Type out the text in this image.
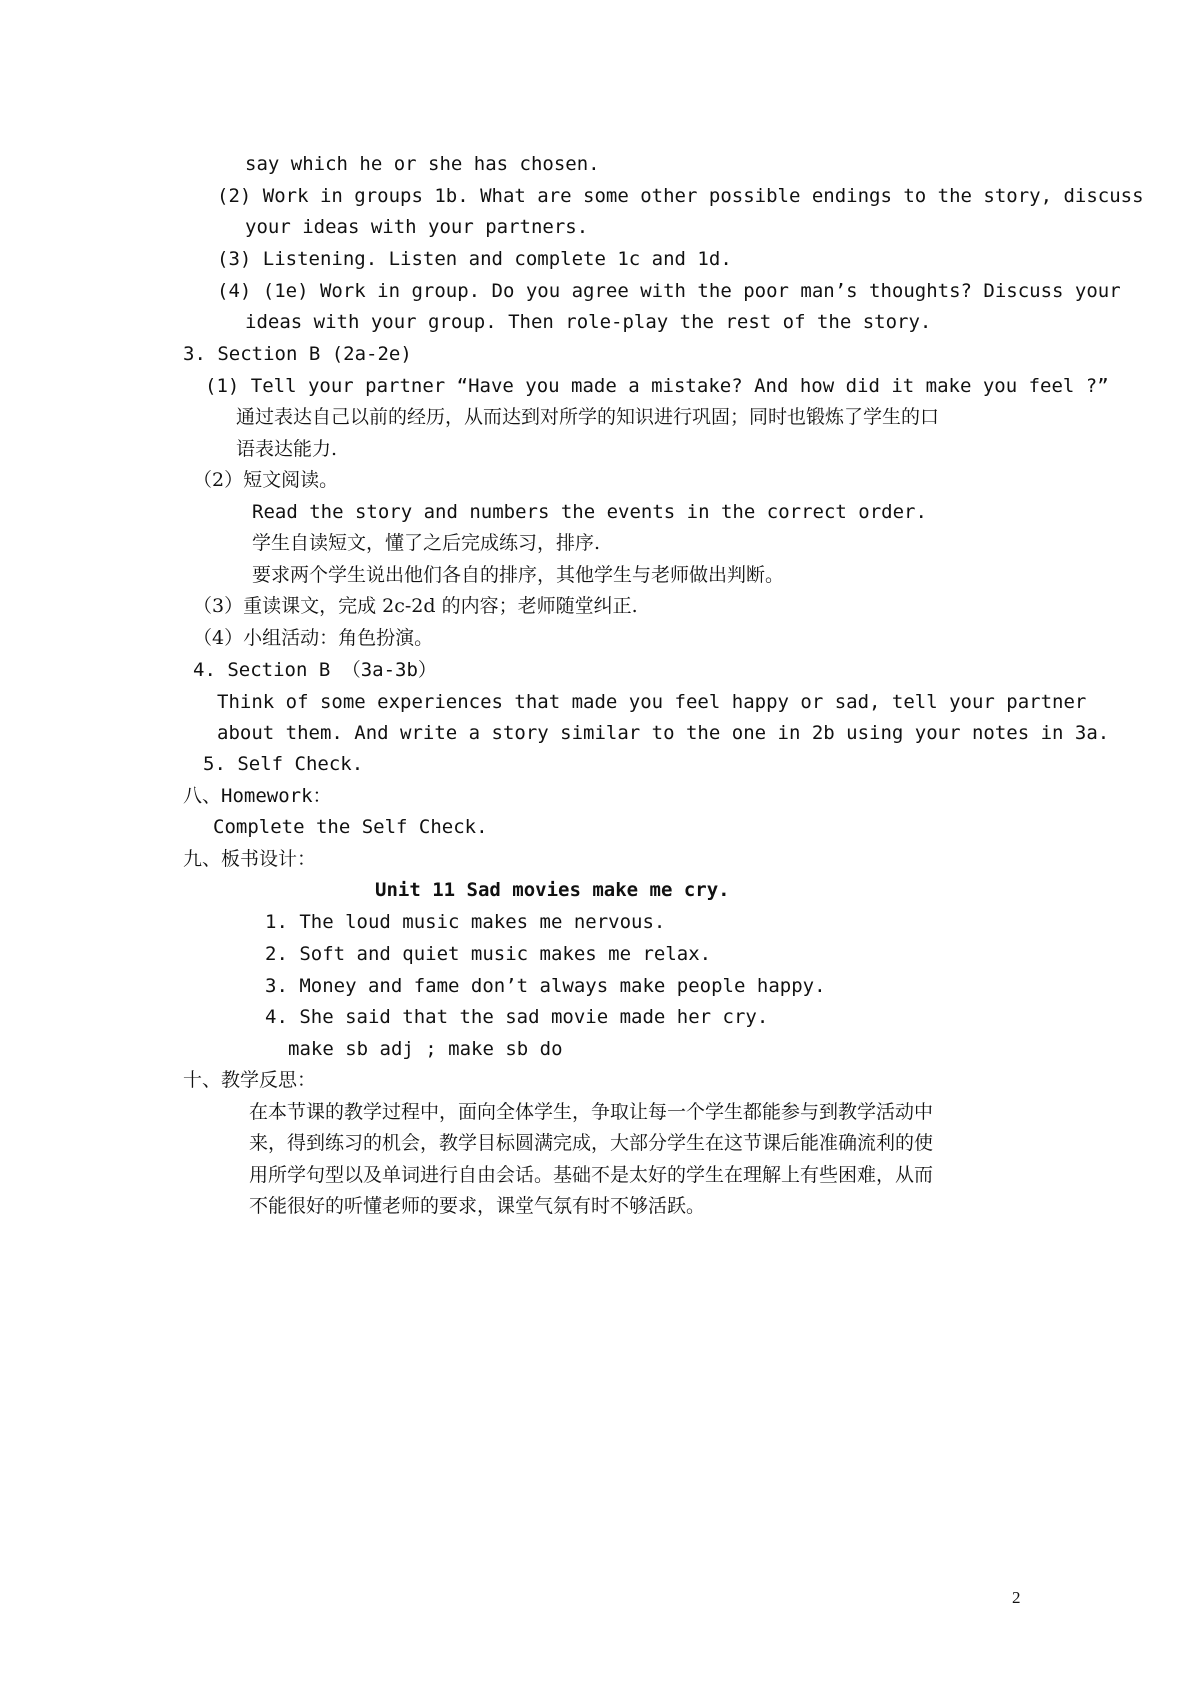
say which he or she has chosen.
(2) Work in groups 1b. What are some other possible endings to the story, discuss
your ideas with your partners.
(3) Listening. Listen and complete 1c and 1d.
(4) (1e) Work in group. Do you agree with the poor man’s thoughts? Discuss your
ideas with your group. Then role-play the rest of the story.
3. Section B (2a-2e)
(1) Tell your partner “Have you made a mistake? And how did it make you feel ?”
通过表达自己以前的经历，从而达到对所学的知识进行巩固；同时也锻炼了学生的口
语表达能力.
（2）短文阅读。
Read the story and numbers the events in the correct order.
学生自读短文，懂了之后完成练习，排序.
要求两个学生说出他们各自的排序，其他学生与老师做出判断。
（3）重读课文，完成 2c-2d 的内容；老师随堂纠正.
（4）小组活动：角色扮演。
4. Section B （3a-3b）
Think of some experiences that made you feel happy or sad, tell your partner
about them. And write a story similar to the one in 2b using your notes in 3a.
5. Self Check.
八、Homework：
Complete the Self Check.
九、板书设计：
Unit 11 Sad movies make me cry.
1. The loud music makes me nervous.
2. Soft and quiet music makes me relax.
3. Money and fame don’t always make people happy.
4. She said that the sad movie made her cry.
make sb adj ; make sb do
十、教学反思：
在本节课的教学过程中，面向全体学生，争取让每一个学生都能参与到教学活动中
来，得到练习的机会，教学目标圆满完成，大部分学生在这节课后能准确流利的使
用所学句型以及单词进行自由会话。基础不是太好的学生在理解上有些困难，从而
不能很好的听懂老师的要求，课堂气氛有时不够活跃。
2
